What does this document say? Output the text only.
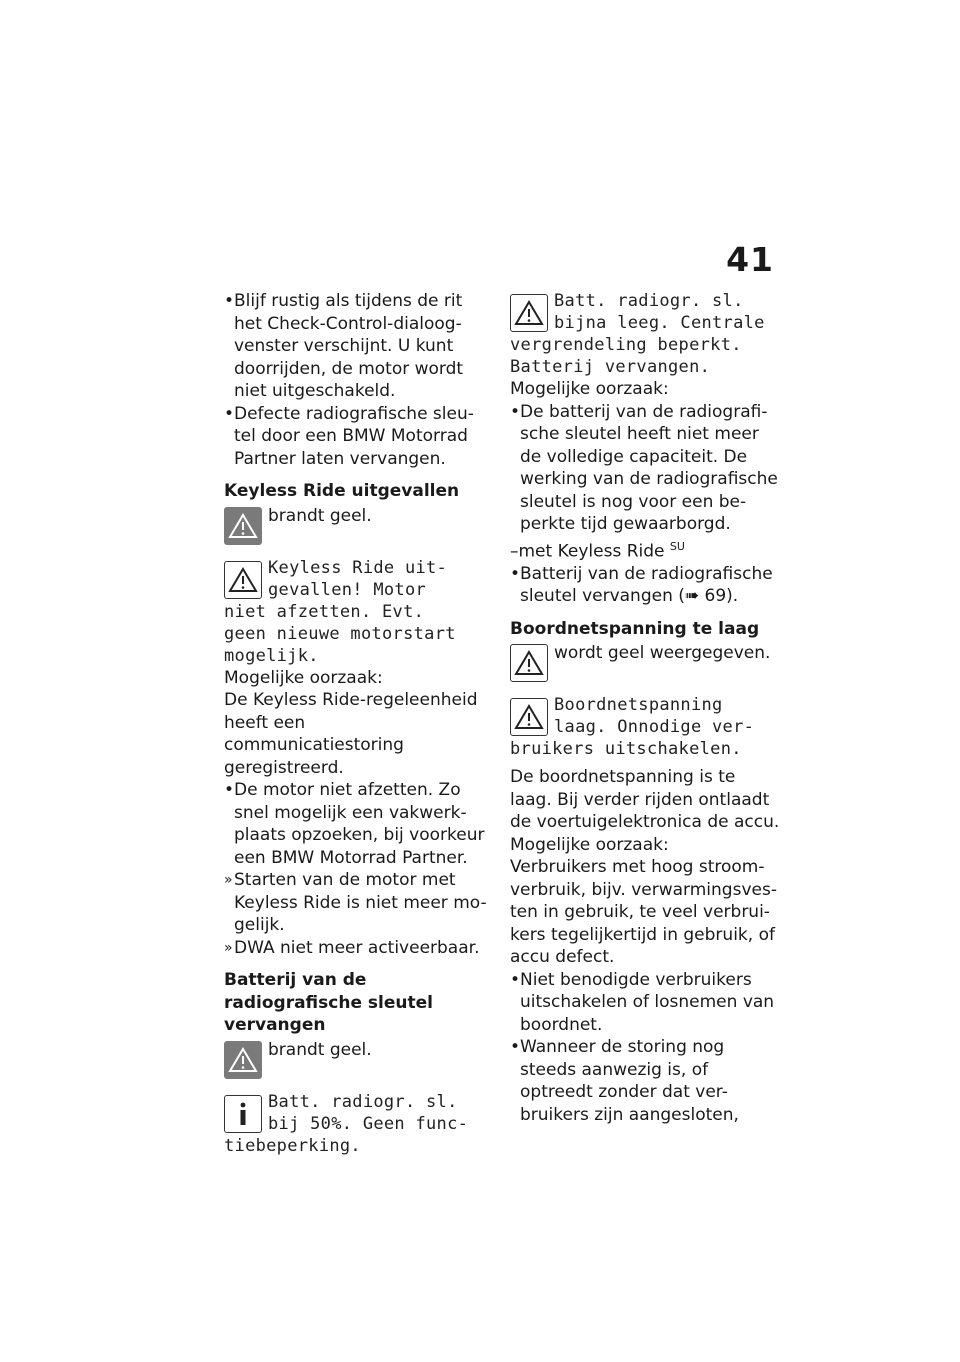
41
• Blijf rustig als tijdens de rit het Check-Control-dialoog-venster verschijnt. U kunt doorrijden, de motor wordt niet uitgeschakeld.
• Defecte radiografische sleu-tel door een BMW Motorrad Partner laten vervangen.
Keyless Ride uitgevallen
brandt geel.
Keyless Ride uit-
gevallen! Motor
niet afzetten. Evt.
geen nieuwe motorstart
mogelijk.
Mogelijke oorzaak:
De Keyless Ride-regeleenheid heeft een communicatiestoring geregistreerd.
• De motor niet afzetten. Zo snel mogelijk een vakwerk-plaats opzoeken, bij voorkeur een BMW Motorrad Partner.
» Starten van de motor met Keyless Ride is niet meer mo-gelijk.
» DWA niet meer activeerbaar.
Batterij van de radiografische sleutel vervangen
brandt geel.
Batt. radiogr. sl.
bij 50%. Geen func-
tiebeperking.
Batt. radiogr. sl.
bijna leeg. Centrale
vergrendeling beperkt.
Batterij vervangen.
Mogelijke oorzaak:
• De batterij van de radiografi-sche sleutel heeft niet meer de volledige capaciteit. De werking van de radiografische sleutel is nog voor een be-perkte tijd gewaarborgd.
–met Keyless Ride $^{SU}$
• Batterij van de radiografische sleutel vervangen (➠ 69).
Boordnetspanning te laag
wordt geel weergegeven.
Boordnetspanning
laag. Onnodige ver-
bruikers uitschakelen.
De boordnetspanning is te laag. Bij verder rijden ontlaadt de voertuigelektronica de accu.
Mogelijke oorzaak:
Verbruikers met hoog stroom-verbruik, bijv. verwarmingsves-ten in gebruik, te veel verbrui-kers tegelijkertijd in gebruik, of accu defect.
• Niet benodigde verbruikers uitschakelen of losnemen van boordnet.
• Wanneer de storing nog steeds aanwezig is, of optreedt zonder dat ver-bruikers zijn aangesloten,
